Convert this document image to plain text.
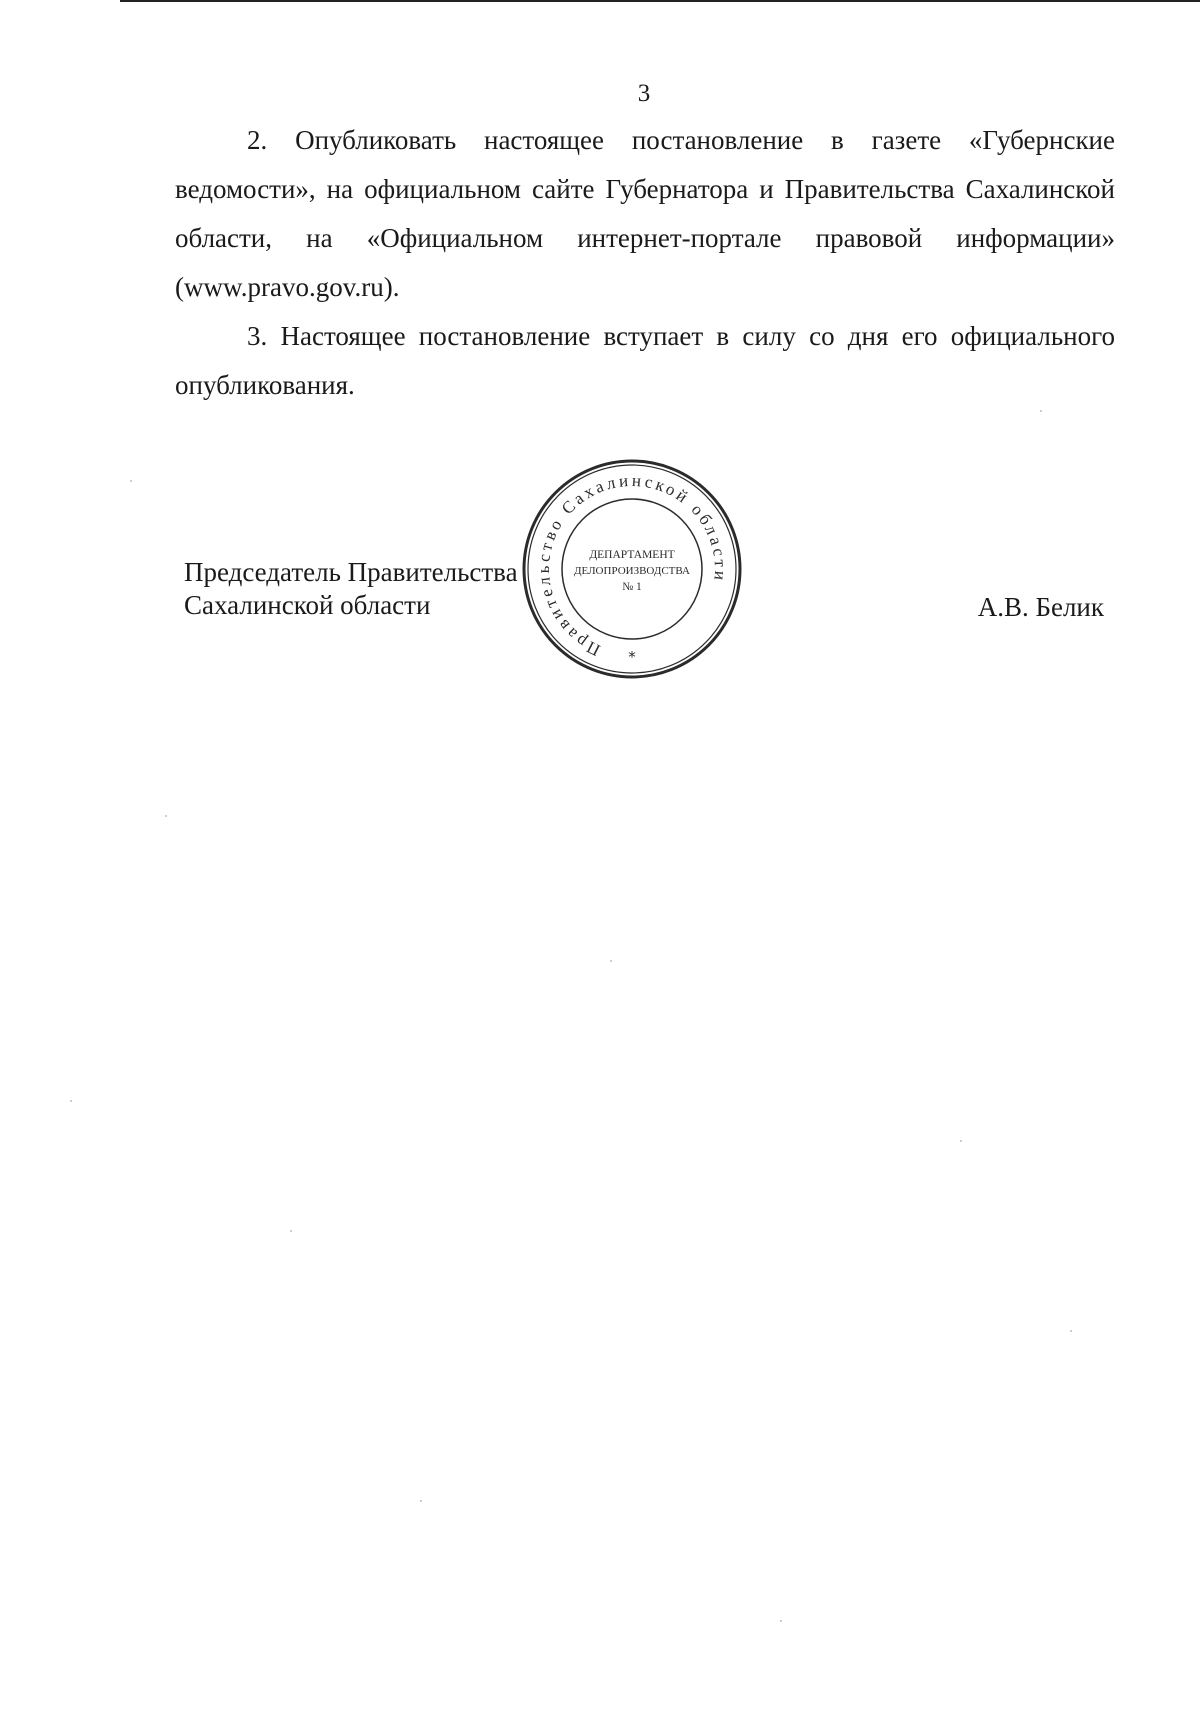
3

2. Опубликовать настоящее постановление в газете «Губернские ведомости», на официальном сайте Губернатора и Правительства Сахалинской области, на «Официальном интернет-портале правовой информации» (www.pravo.gov.ru).

3. Настоящее постановление вступает в силу со дня его официального опубликования.

Председатель Правительства
Сахалинской области	А.В. Белик
Правительство Сахалинской области
ДЕПАРТАМЕНТ
ДЕЛОПРОИЗВОДСТВА
№ 1
*
